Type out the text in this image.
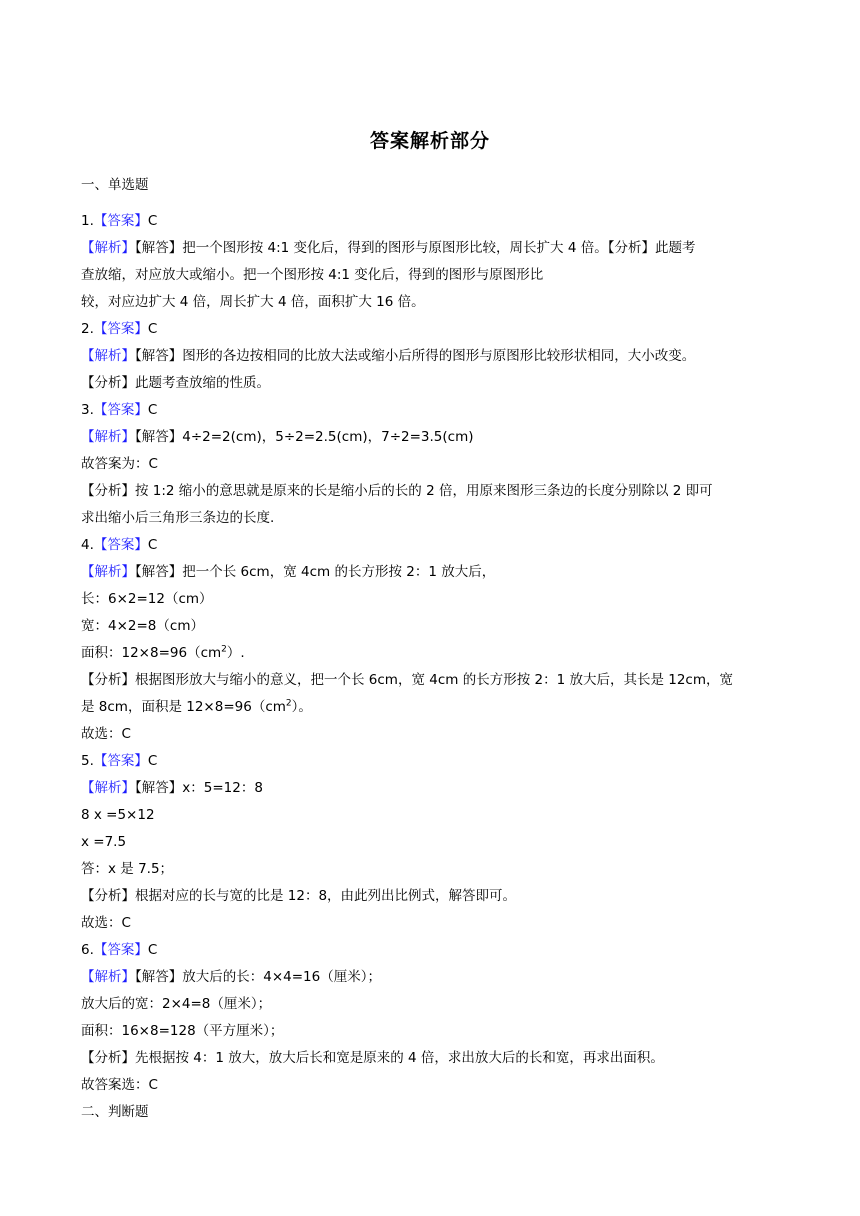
答案解析部分
一、单选题
1.【答案】C
【解析】【解答】把一个图形按 4:1 变化后，得到的图形与原图形比较，周长扩大 4 倍。【分析】此题考
查放缩，对应放大或缩小。把一个图形按 4:1 变化后，得到的图形与原图形比
较，对应边扩大 4 倍，周长扩大 4 倍，面积扩大 16 倍。
2.【答案】C
【解析】【解答】图形的各边按相同的比放大法或缩小后所得的图形与原图形比较形状相同，大小改变。
【分析】此题考查放缩的性质。
3.【答案】C
【解析】【解答】4÷2=2(cm)，5÷2=2.5(cm)，7÷2=3.5(cm)
故答案为：C
【分析】按 1:2 缩小的意思就是原来的长是缩小后的长的 2 倍，用原来图形三条边的长度分别除以 2 即可
求出缩小后三角形三条边的长度.
4.【答案】C
【解析】【解答】把一个长 6cm，宽 4cm 的长方形按 2：1 放大后，
长：6×2=12（cm）
宽：4×2=8（cm）
面积：$12\times 8=96(cm^2)$.
【分析】根据图形放大与缩小的意义，把一个长 6cm，宽 4cm 的长方形按 2：1 放大后，其长是 12cm，宽
是 8cm，面积是 $12\times 8=96(cm^2)$。
故选：C
5.【答案】C
【解析】【解答】x：5=12：8
8 x =5×12
x =7.5
答：x 是 7.5；
【分析】根据对应的长与宽的比是 12：8，由此列出比例式，解答即可。
故选：C
6.【答案】C
【解析】【解答】放大后的长：4×4=16（厘米）；
放大后的宽：2×4=8（厘米）；
面积：16×8=128（平方厘米）；
【分析】先根据按 4：1 放大，放大后长和宽是原来的 4 倍，求出放大后的长和宽，再求出面积。
故答案选：C
二、判断题
